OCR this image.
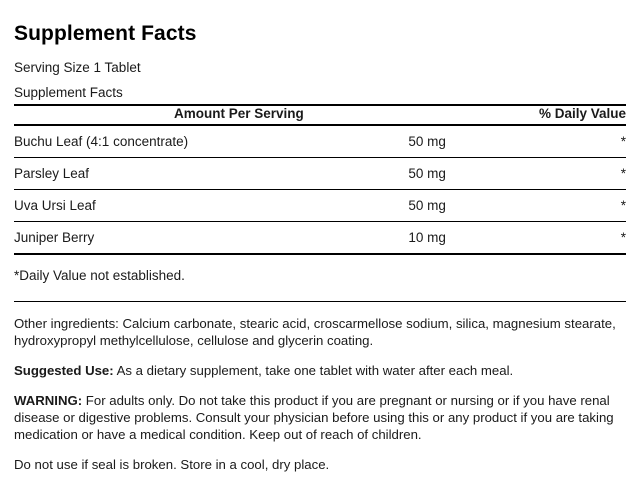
Supplement Facts

Serving Size 1 Tablet

Supplement Facts		
Amount Per Serving		% Daily Value
Buchu Leaf (4:1 concentrate)	50 mg	*
Parsley Leaf	50 mg	*
Uva Ursi Leaf	50 mg	*
Juniper Berry	10 mg	*

*Daily Value not established.

Other ingredients: Calcium carbonate, stearic acid, croscarmellose sodium, silica, magnesium stearate, hydroxypropyl methylcellulose, cellulose and glycerin coating.

Suggested Use: As a dietary supplement, take one tablet with water after each meal.

WARNING: For adults only. Do not take this product if you are pregnant or nursing or if you have renal disease or digestive problems. Consult your physician before using this or any product if you are taking medication or have a medical condition. Keep out of reach of children.

Do not use if seal is broken. Store in a cool, dry place.
